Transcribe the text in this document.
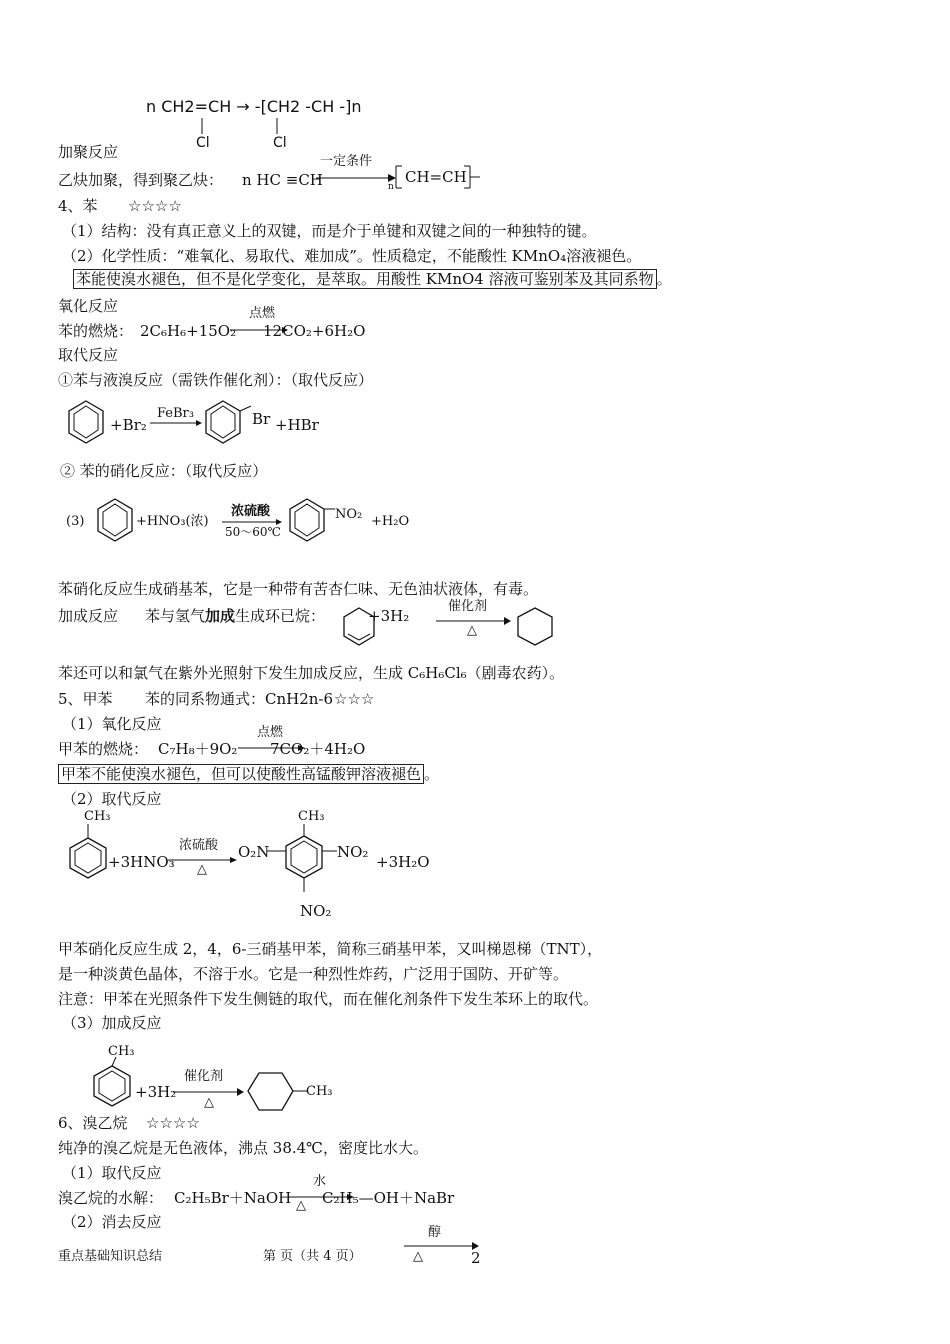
n CH2=CH → -[CH2 -CH -]n
Cl	Cl
加聚反应
乙炔加聚，得到聚乙炔： n HC ≡CH
一定条件
n
CH=CH
4、苯 ☆☆☆☆
（1）结构：没有真正意义上的双键，而是介于单键和双键之间的一种独特的键。
（2）化学性质：“难氧化、易取代、难加成”。性质稳定，不能酸性 KMnO₄溶液褪色。
苯能使溴水褪色，但不是化学变化，是萃取。用酸性 KMnO4 溶液可鉴别苯及其同系物 。
氧化反应
苯的燃烧： 2C₆H₆+15O₂
点燃
12CO₂+6H₂O
取代反应
①苯与液溴反应（需铁作催化剂）：（取代反应）
+Br₂
FeBr₃	Br +HBr
② 苯的硝化反应：（取代反应）
(3)	+HNO₃(浓)
浓硫酸
50～60℃
NO₂ +H₂O
苯硝化反应生成硝基苯，它是一种带有苦杏仁味、无色油状液体，有毒。
加成反应 苯与氢气加成生成环已烷：	+3H₂
催化剂
△
苯还可以和氯气在紫外光照射下发生加成反应，生成 C₆H₆Cl₆（剧毒农药）。
5、甲苯 苯的同系物通式：CnH2n-6 ☆☆☆
（1）氧化反应
甲苯的燃烧： C₇H₈＋9O₂
点燃
7CO₂＋4H₂O
甲苯不能使溴水褪色，但可以使酸性高锰酸钾溶液褪色 。
（2）取代反应
CH₃
+3HNO₃
浓硫酸
△
O₂N
CH₃
NO₂
NO₂
+3H₂O
甲苯硝化反应生成 2，4，6-三硝基甲苯，简称三硝基甲苯，又叫梯恩梯（TNT），
是一种淡黄色晶体，不溶于水。它是一种烈性炸药，广泛用于国防、开矿等。
注意：甲苯在光照条件下发生侧链的取代，而在催化剂条件下发生苯环上的取代。
（3）加成反应
CH₃
+3H₂
催化剂
△
CH₃
6、溴乙烷 ☆☆☆☆
纯净的溴乙烷是无色液体，沸点 38.4℃，密度比水大。
（1）取代反应
溴乙烷的水解： C₂H₅Br＋NaOH
水
△ C₂H₅—OH＋NaBr
（2）消去反应
醇
△
重点基础知识总结	第 页（共 4 页）	2
